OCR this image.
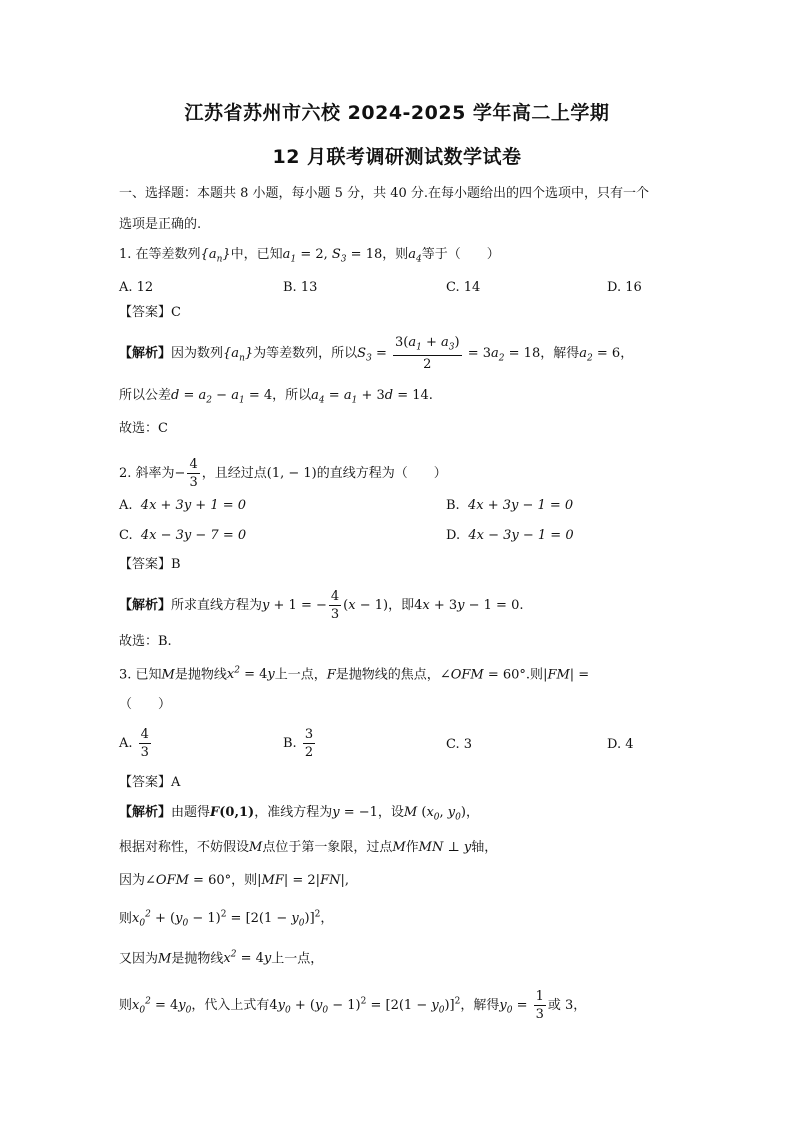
江苏省苏州市六校 2024-2025 学年高二上学期
12 月联考调研测试数学试卷
一、选择题：本题共 8 小题，每小题 5 分，共 40 分.在每小题给出的四个选项中，只有一个
选项是正确的.
1. 在等差数列$\{a_n\}$中，已知$a_1 = 2$, $S_3 = 18$，则$a_4$等于（　　）
A. 12	B. 13	C. 14	D. 16
【答案】C
【解析】因为数列$\{a_n\}$为等差数列，所以$S_3 = \frac{3(a_1 + a_3)}{2} = 3a_2 = 18$，解得$a_2 = 6$，
所以公差$d = a_2 - a_1 = 4$，所以$a_4 = a_1 + 3d = 14$.
故选：C
2. 斜率为− $\frac{4}{3}$ ，且经过点(1, − 1)的直线方程为（　　）
A. 4x + 3y + 1 = 0	B. 4x + 3y − 1 = 0
C. 4x − 3y − 7 = 0	D. 4x − 3y − 1 = 0
【答案】B
【解析】所求直线方程为y + 1 = − $\frac{4}{3} (x - 1)$，即4x + 3y − 1 = 0.
故选：B.
3. 已知M是抛物线$x^2 = 4y$上一点，F是抛物线的焦点，∠OFM = 60°.则|FM| =
（　　）
A. $\frac{4}{3}$	B. $\frac{3}{2}$	C. 3	D. 4
【答案】A
【解析】由题得F(0,1)，准线方程为y = −1，设M ($x_0$, $y_0$)，
根据对称性，不妨假设M点位于第一象限，过点M作MN ⊥ y轴，
因为∠OFM = 60°，则|MF| = 2|FN|,
则$x_0^2 + (y_0 - 1)^2 = [2(1 - y_0)]^2$，
又因为M是抛物线$x^2 = 4y$上一点，
则$x_0^2 = 4y_0$，代入上式有$4y_0 + (y_0 - 1)^2 = [2(1 - y_0)]^2$，解得$y_0 = \frac{1}{3}$ 或 3，
